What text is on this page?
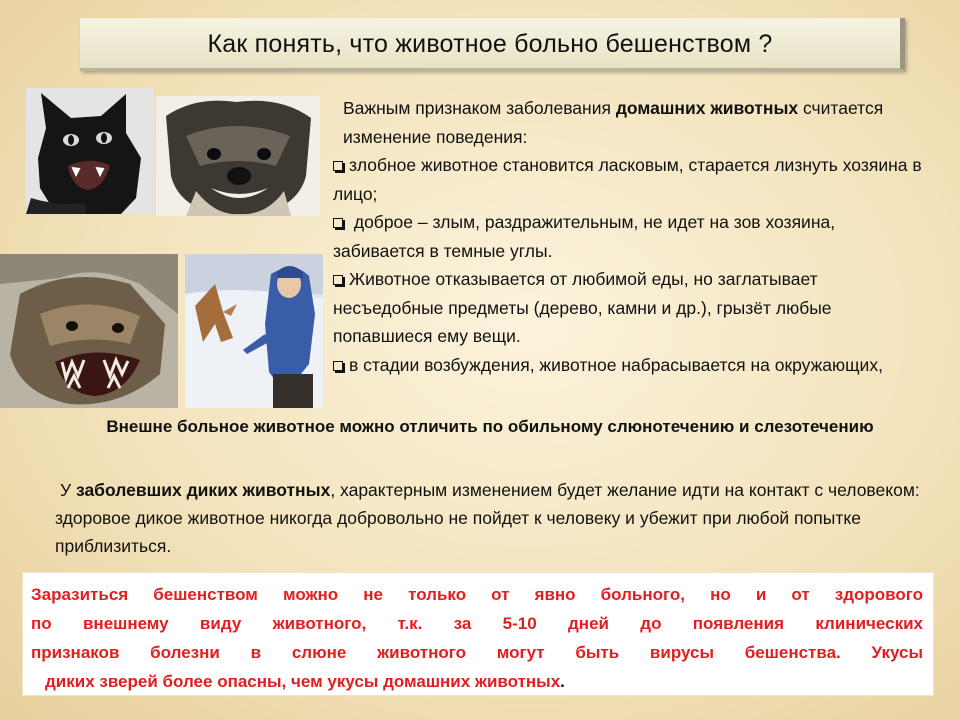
Как понять, что животное больно бешенством ?

Важным признаком заболевания домашних животных считается изменение поведения:

злобное животное становится ласковым, старается лизнуть хозяина в лицо;

доброе – злым, раздражительным, не идет на зов хозяина, забивается в темные углы.

Животное отказывается от любимой еды, но заглатывает несъедобные предметы (дерево, камни и др.), грызёт любые попавшиеся ему вещи.

в стадии возбуждения, животное набрасывается на окружающих,

Внешне больное животное можно отличить по обильному слюнотечению и слезотечению
У заболевших диких животных, характерным изменением будет желание идти на контакт с человеком: здоровое дикое животное никогда добровольно не пойдет к человеку и убежит при любой попытке приблизиться.

Заразиться бешенством можно не только от явно больного, но и от здорового

по внешнему виду животного, т.к. за 5-10 дней до появления клинических

признаков болезни в слюне животного могут быть вирусы бешенства. Укусы

диких зверей более опасны, чем укусы домашних животных.
